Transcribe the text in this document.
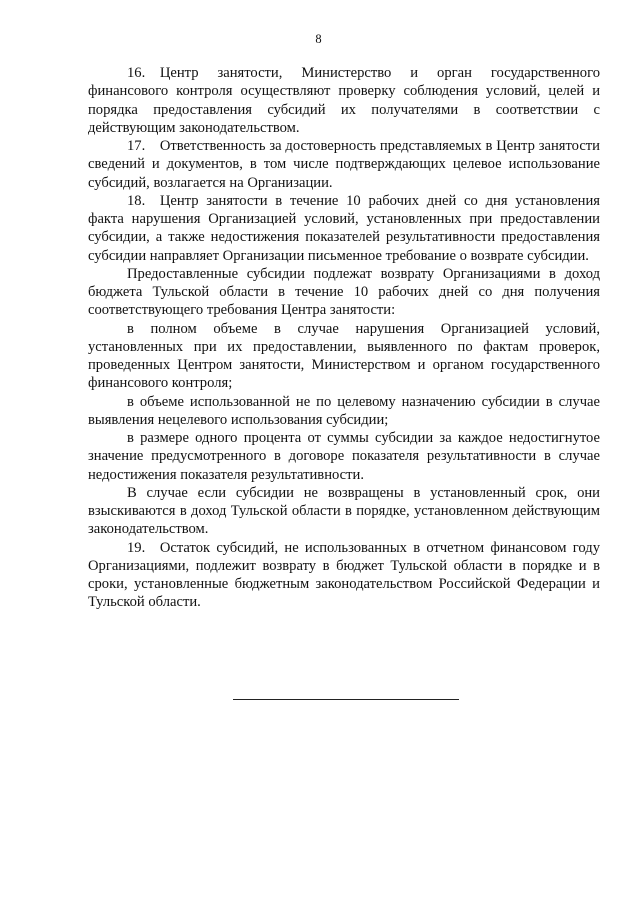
8

16. Центр занятости, Министерство и орган государственного финансового контроля осуществляют проверку соблюдения условий, целей и порядка предоставления субсидий их получателями в соответствии с действующим законодательством.

17. Ответственность за достоверность представляемых в Центр занятости сведений и документов, в том числе подтверждающих целевое использование субсидий, возлагается на Организации.

18. Центр занятости в течение 10 рабочих дней со дня установления факта нарушения Организацией условий, установленных при предоставлении субсидии, а также недостижения показателей результативности предоставления субсидии направляет Организации письменное требование о возврате субсидии.

Предоставленные субсидии подлежат возврату Организациями в доход бюджета Тульской области в течение 10 рабочих дней со дня получения соответствующего требования Центра занятости:

в полном объеме в случае нарушения Организацией условий, установленных при их предоставлении, выявленного по фактам проверок, проведенных Центром занятости, Министерством и органом государственного финансового контроля;

в объеме использованной не по целевому назначению субсидии в случае выявления нецелевого использования субсидии;

в размере одного процента от суммы субсидии за каждое недостигнутое значение предусмотренного в договоре показателя результативности в случае недостижения показателя результативности.

В случае если субсидии не возвращены в установленный срок, они взыскиваются в доход Тульской области в порядке, установленном действующим законодательством.

19. Остаток субсидий, не использованных в отчетном финансовом году Организациями, подлежит возврату в бюджет Тульской области в порядке и в сроки, установленные бюджетным законодательством Российской Федерации и Тульской области.
